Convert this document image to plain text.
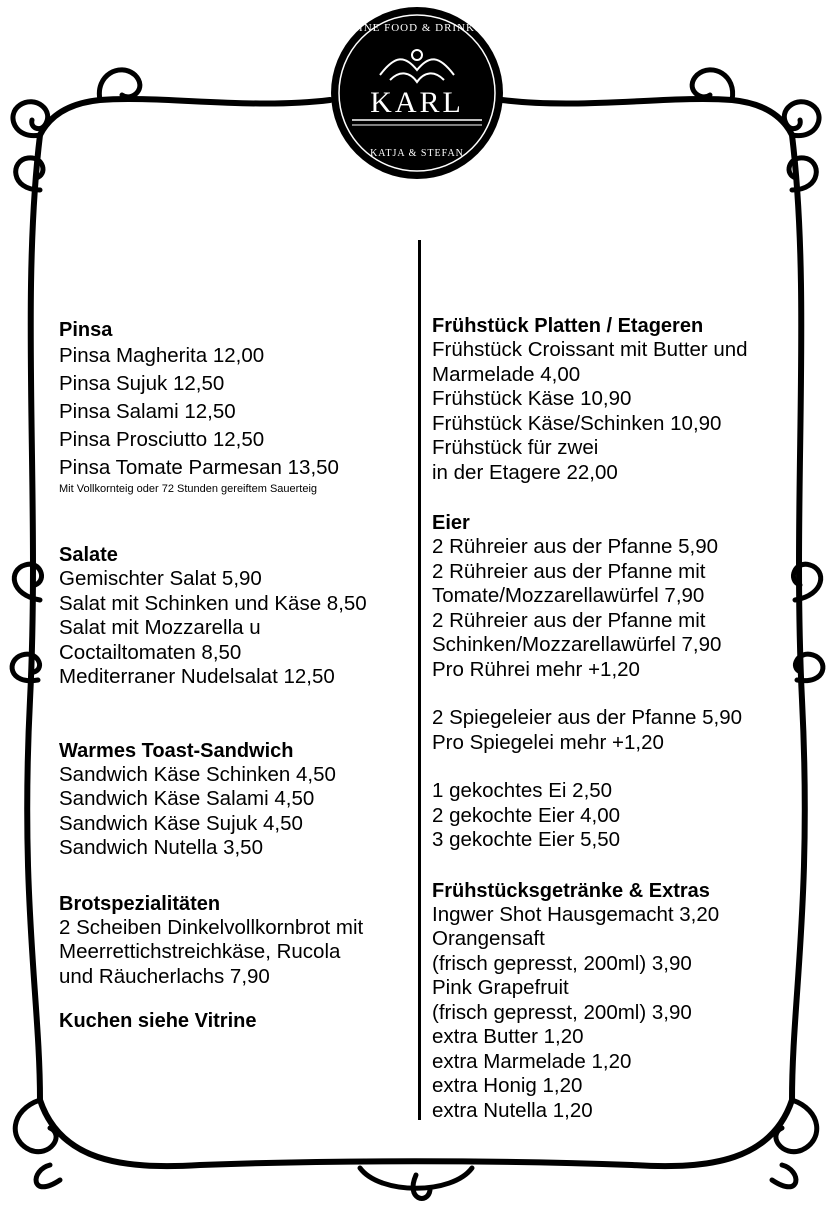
FINE FOOD & DRINKS
KARL
KATJA & STEFAN
Pinsa
Pinsa Magherita 12,00
Pinsa Sujuk 12,50
Pinsa Salami 12,50
Pinsa Prosciutto 12,50
Pinsa Tomate Parmesan 13,50
Mit Vollkornteig oder 72 Stunden gereiftem Sauerteig
Salate
Gemischter Salat 5,90
Salat mit Schinken und Käse 8,50
Salat mit Mozzarella u
Coctailtomaten 8,50
Mediterraner Nudelsalat 12,50
Warmes Toast-Sandwich
Sandwich Käse Schinken 4,50
Sandwich Käse Salami 4,50
Sandwich Käse Sujuk 4,50
Sandwich Nutella 3,50
Brotspezialitäten
2 Scheiben Dinkelvollkornbrot mit
Meerrettichstreichkäse, Rucola
und Räucherlachs 7,90
Kuchen siehe Vitrine
Frühstück Platten / Etageren
Frühstück Croissant mit Butter und
Marmelade 4,00
Frühstück Käse 10,90
Frühstück Käse/Schinken 10,90
Frühstück für zwei
in der Etagere 22,00
Eier
2 Rühreier aus der Pfanne 5,90
2 Rühreier aus der Pfanne mit
Tomate/Mozzarellawürfel 7,90
2 Rühreier aus der Pfanne mit
Schinken/Mozzarellawürfel 7,90
Pro Rührei mehr +1,20
2 Spiegeleier aus der Pfanne 5,90
Pro Spiegelei mehr +1,20
1 gekochtes Ei 2,50
2 gekochte Eier 4,00
3 gekochte Eier 5,50
Frühstücksgetränke & Extras
Ingwer Shot Hausgemacht 3,20
Orangensaft
(frisch gepresst, 200ml) 3,90
Pink Grapefruit
(frisch gepresst, 200ml) 3,90
extra Butter 1,20
extra Marmelade 1,20
extra Honig 1,20
extra Nutella 1,20
